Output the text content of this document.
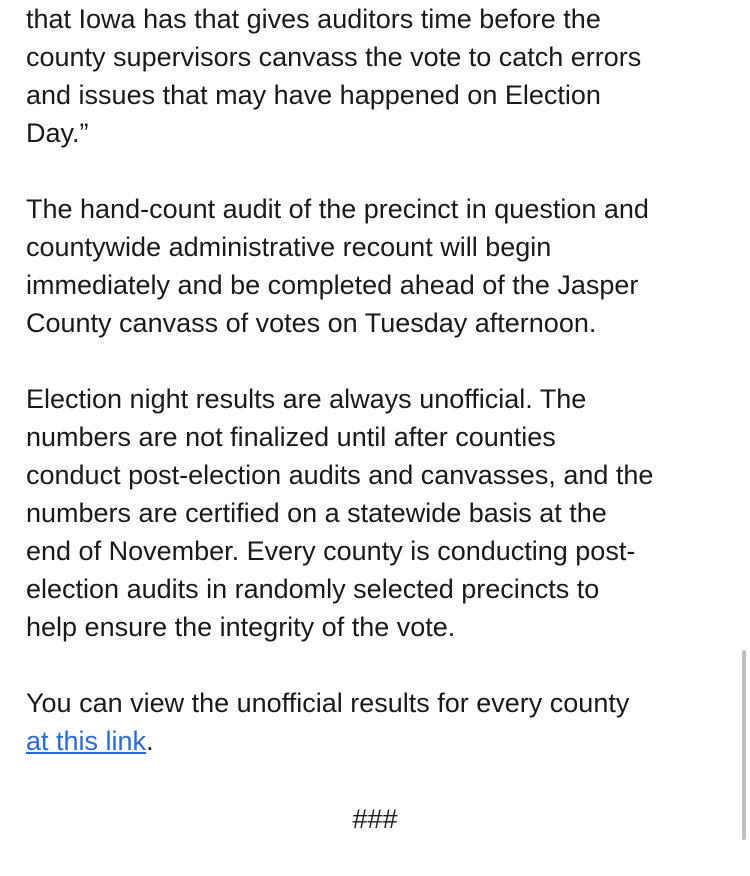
that Iowa has that gives auditors time before the
county supervisors canvass the vote to catch errors
and issues that may have happened on Election
Day.”
The hand-count audit of the precinct in question and
countywide administrative recount will begin
immediately and be completed ahead of the Jasper
County canvass of votes on Tuesday afternoon.
Election night results are always unofficial. The
numbers are not finalized until after counties
conduct post-election audits and canvasses, and the
numbers are certified on a statewide basis at the
end of November. Every county is conducting post-
election audits in randomly selected precincts to
help ensure the integrity of the vote.
You can view the unofficial results for every county
at this link.
###
